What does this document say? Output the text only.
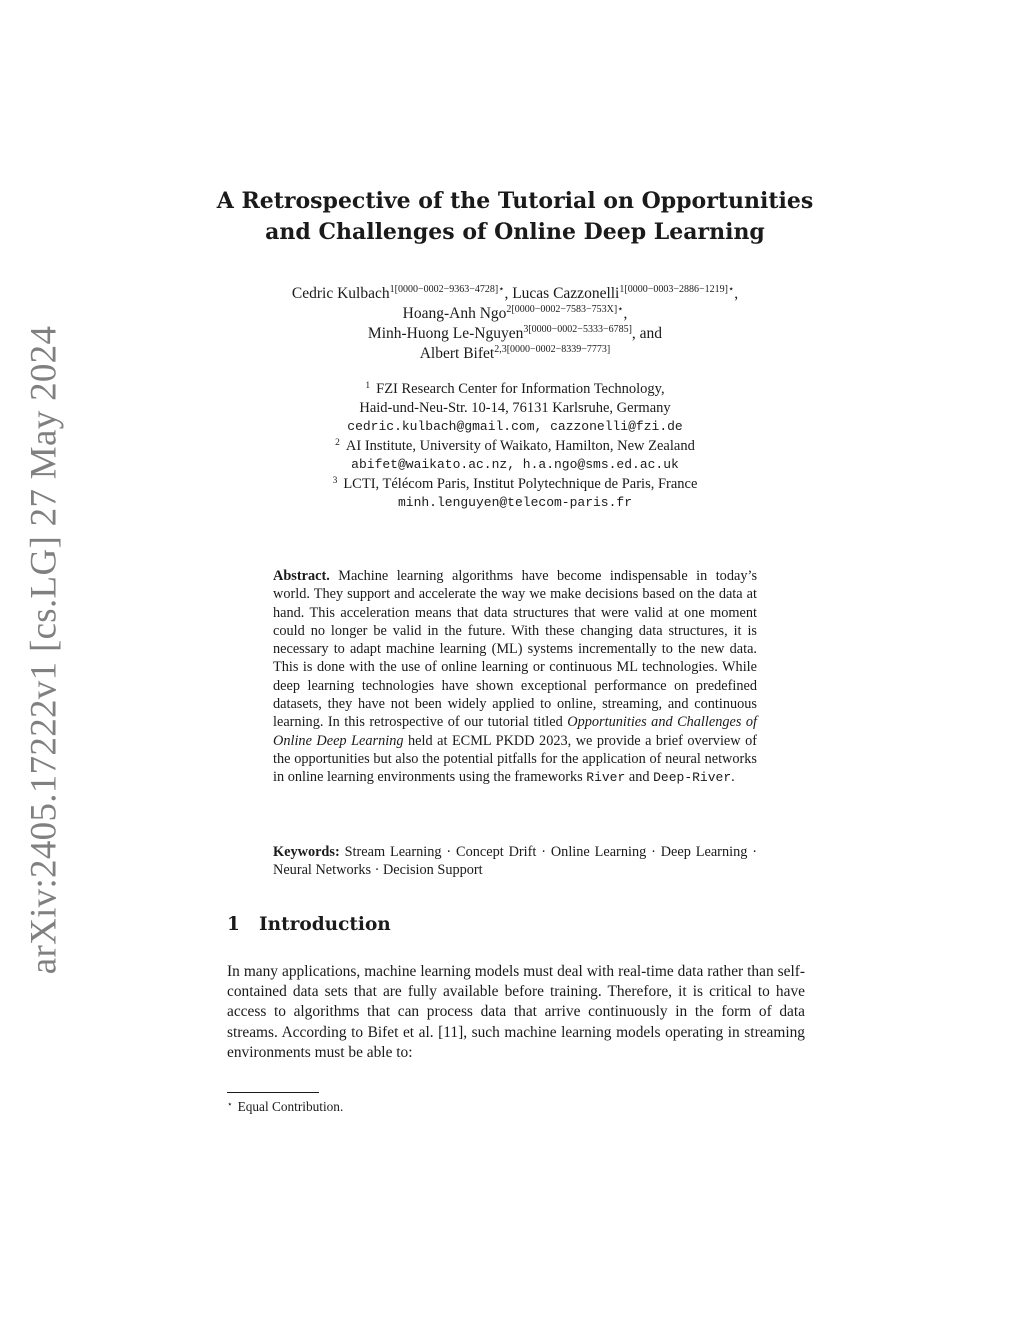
arXiv:2405.17222v1 [cs.LG] 27 May 2024
A Retrospective of the Tutorial on Opportunities
and Challenges of Online Deep Learning
Cedric Kulbach$^{1[0000-0002-9363-4728]⋆}$, Lucas Cazzonelli$^{1[0000-0003-2886-1219]⋆}$,
Hoang-Anh Ngo$^{2[0000-0002-7583-753X]⋆}$,
Minh-Huong Le-Nguyen$^{3[0000-0002-5333-6785]}$, and
Albert Bifet$^{2,3[0000-0002-8339-7773]}$
$^1$ FZI Research Center for Information Technology,
Haid-und-Neu-Str. 10-14, 76131 Karlsruhe, Germany
cedric.kulbach@gmail.com, cazzonelli@fzi.de
$^2$ AI Institute, University of Waikato, Hamilton, New Zealand
abifet@waikato.ac.nz, h.a.ngo@sms.ed.ac.uk
$^3$ LCTI, Télécom Paris, Institut Polytechnique de Paris, France
minh.lenguyen@telecom-paris.fr

Abstract. Machine learning algorithms have become indispensable in today’s world. They support and accelerate the way we make decisions based on the data at hand. This acceleration means that data structures that were valid at one moment could no longer be valid in the future. With these changing data structures, it is necessary to adapt machine learning (ML) systems incrementally to the new data. This is done with the use of online learning or continuous ML technologies. While deep learning technologies have shown exceptional performance on predefined datasets, they have not been widely applied to online, streaming, and continuous learning. In this retrospective of our tutorial titled Opportunities and Challenges of Online Deep Learning held at ECML PKDD 2023, we provide a brief overview of the opportunities but also the potential pitfalls for the application of neural networks in online learning environments using the frameworks River and Deep-River.

Keywords: Stream Learning · Concept Drift · Online Learning · Deep Learning · Neural Networks · Decision Support

1 Introduction

In many applications, machine learning models must deal with real-time data rather than self-contained data sets that are fully available before training. Therefore, it is critical to have access to algorithms that can process data that arrive continuously in the form of data streams. According to Bifet et al. [11], such machine learning models operating in streaming environments must be able to:

⋆ Equal Contribution.
